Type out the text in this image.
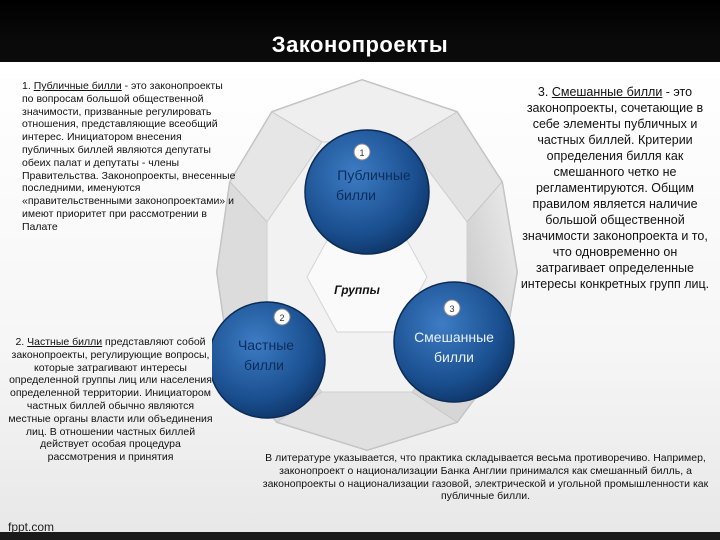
Законопроекты
1
2
3
Публичные
билли
Частные
билли
Смешанные
билли
Группы
1. Публичные билли - это законопроекты по вопросам большой общественной значимости, призванные регулировать отношения, представляющие всеобщий интерес. Инициатором внесения публичных биллей являются депутаты обеих палат и депутаты - члены Правительства. Законопроекты, внесенные последними, именуются «правительственными законопроектами» и имеют приоритет при рассмотрении в Палате
2. Частные билли представляют собой законопроекты, регулирующие вопросы, которые затрагивают интересы определенной группы лиц или населения определенной территории. Инициатором частных биллей обычно являются местные органы власти или объединения лиц. В отношении частных биллей действует особая процедура рассмотрения и принятия
3. Смешанные билли - это законопроекты, сочетающие в себе элементы публичных и частных биллей. Критерии определения билля как смешанного четко не регламентируются. Общим правилом является наличие большой общественной значимости законопроекта и то, что одновременно он затрагивает определенные интересы конкретных групп лиц.
В литературе указывается, что практика складывается весьма противоречиво. Например, законопроект о национализации Банка Англии принимался как смешанный билль, а законопроекты о национализации газовой, электрической и угольной промышленности как публичные билли.
fppt.com
